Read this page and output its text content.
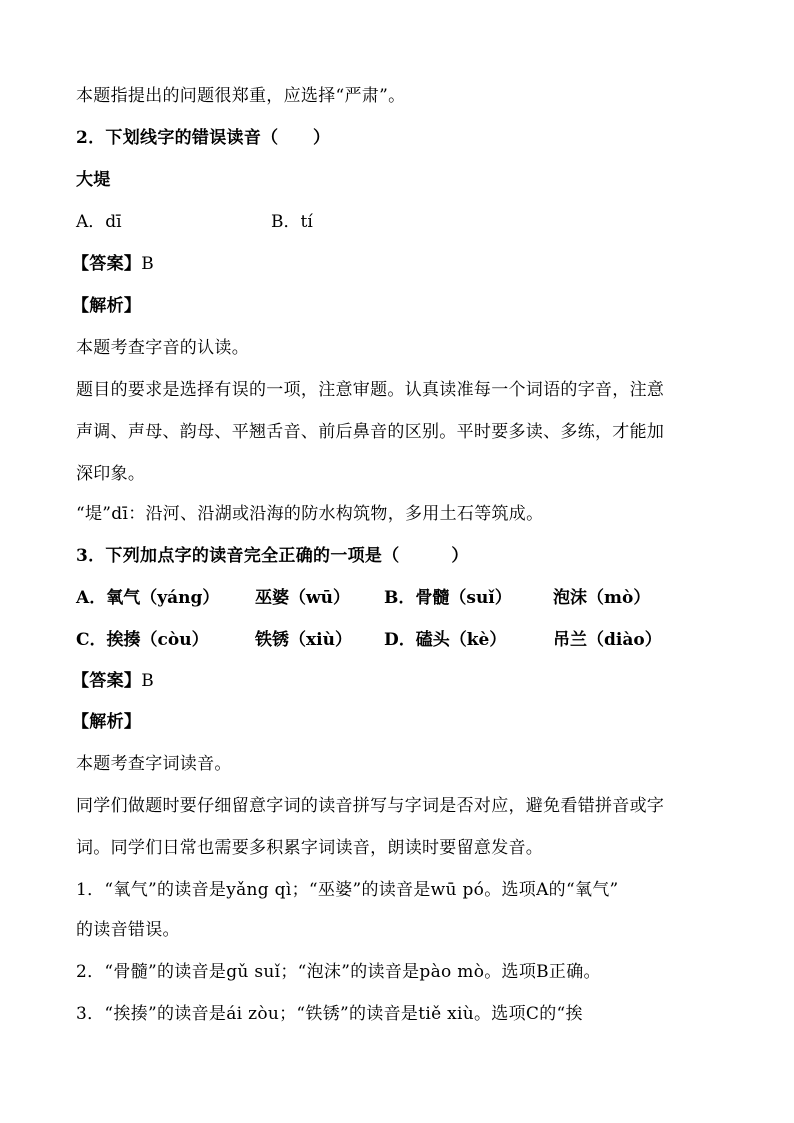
本题指提出的问题很郑重，应选择“严肃”。
2．下划线字的错误读音（　　）
大堤
A．dī	B．tí
【答案】B
【解析】
本题考查字音的认读。
题目的要求是选择有误的一项，注意审题。认真读准每一个词语的字音，注意
声调、声母、韵母、平翘舌音、前后鼻音的区别。平时要多读、多练，才能加
深印象。
“堤”dī：沿河、沿湖或沿海的防水构筑物，多用土石等筑成。
3．下列加点字的读音完全正确的一项是（　　　）
A．氧气（yáng） 巫婆（wū） B．骨髓（suǐ） 泡沫（mò）
C．挨揍（còu）	铁锈（xiù） D．磕头（kè）	吊兰（diào）
【答案】B
【解析】
本题考查字词读音。
同学们做题时要仔细留意字词的读音拼写与字词是否对应，避免看错拼音或字
词。同学们日常也需要多积累字词读音，朗读时要留意发音。
1．“氧气”的读音是yǎng qì；“巫婆”的读音是wū pó。选项A的“氧气”
的读音错误。
2．“骨髓”的读音是gǔ suǐ；“泡沫”的读音是pào mò。选项B正确。
3．“挨揍”的读音是ái zòu；“铁锈”的读音是tiě xiù。选项C的“挨
